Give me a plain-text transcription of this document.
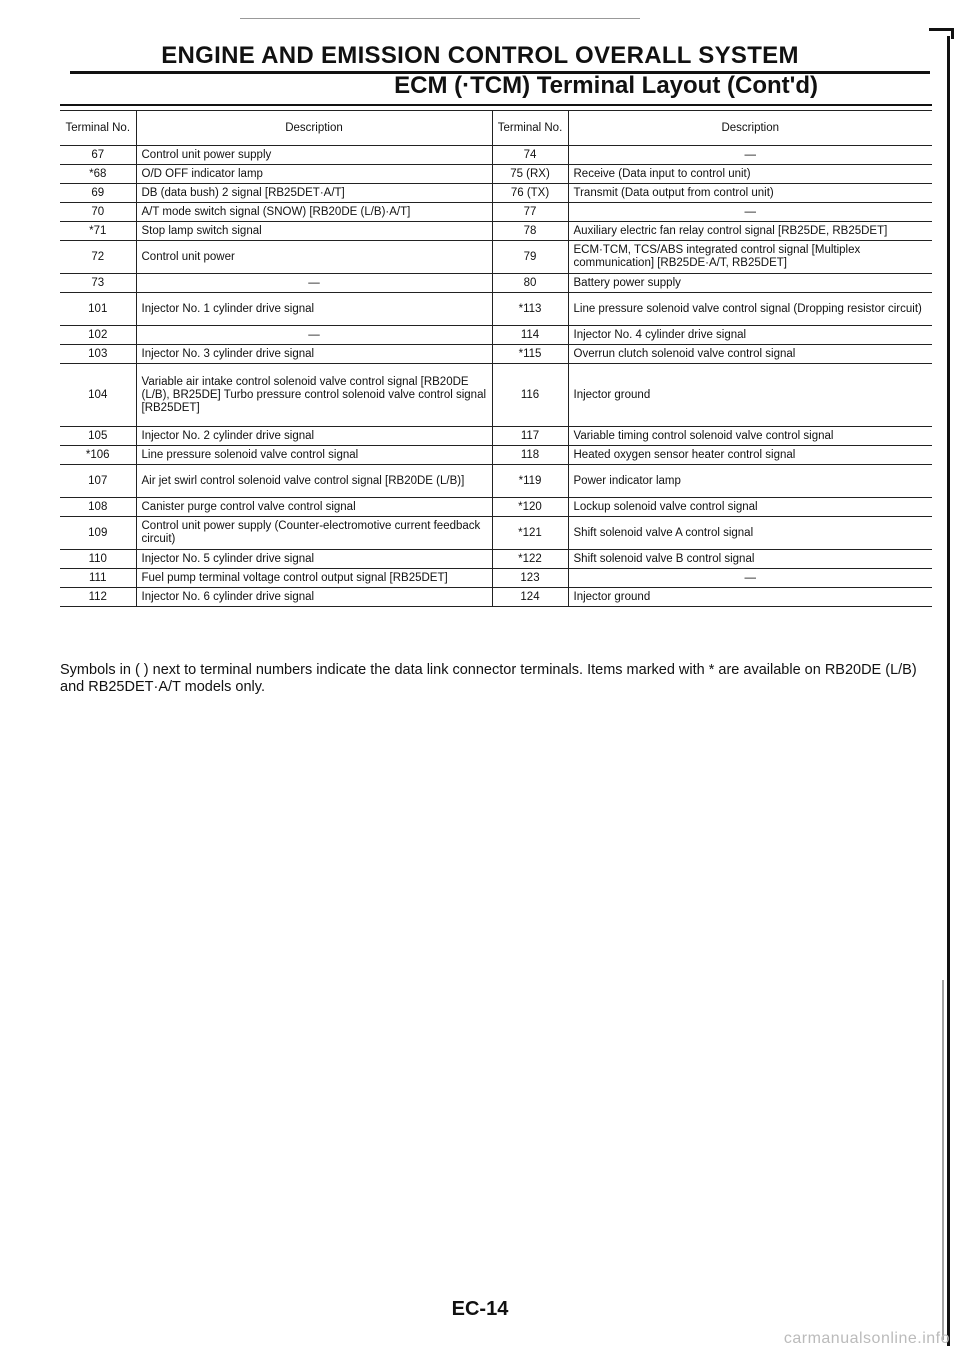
ENGINE AND EMISSION CONTROL OVERALL SYSTEM
ECM (·TCM) Terminal Layout (Cont'd)
Terminal No.	Description	Terminal No.	Description
67	Control unit power supply	74	—
*68	O/D OFF indicator lamp	75 (RX)	Receive (Data input to control unit)
69	DB (data bush) 2 signal [RB25DET·A/T]	76 (TX)	Transmit (Data output from control unit)
70	A/T mode switch signal (SNOW) [RB20DE (L/B)·A/T]	77	—
*71	Stop lamp switch signal	78	Auxiliary electric fan relay control signal [RB25DE, RB25DET]
72	Control unit power	79	ECM·TCM, TCS/ABS integrated control signal [Multiplex communication] [RB25DE·A/T, RB25DET]
73	—	80	Battery power supply
101	Injector No. 1 cylinder drive signal	*113	Line pressure solenoid valve control signal (Dropping resistor circuit)
102	—	114	Injector No. 4 cylinder drive signal
103	Injector No. 3 cylinder drive signal	*115	Overrun clutch solenoid valve control signal
104	Variable air intake control solenoid valve control signal [RB20DE (L/B), BR25DE] Turbo pressure control solenoid valve control signal [RB25DET]	116	Injector ground
105	Injector No. 2 cylinder drive signal	117	Variable timing control solenoid valve control signal
*106	Line pressure solenoid valve control signal	118	Heated oxygen sensor heater control signal
107	Air jet swirl control solenoid valve control signal [RB20DE (L/B)]	*119	Power indicator lamp
108	Canister purge control valve control signal	*120	Lockup solenoid valve control signal
109	Control unit power supply (Counter-electromotive current feedback circuit)	*121	Shift solenoid valve A control signal
110	Injector No. 5 cylinder drive signal	*122	Shift solenoid valve B control signal
111	Fuel pump terminal voltage control output signal [RB25DET]	123	—
112	Injector No. 6 cylinder drive signal	124	Injector ground
Symbols in ( ) next to terminal numbers indicate the data link connector terminals. Items marked with * are available on RB20DE (L/B) and RB25DET·A/T models only.
EC-14
carmanualsonline.info
